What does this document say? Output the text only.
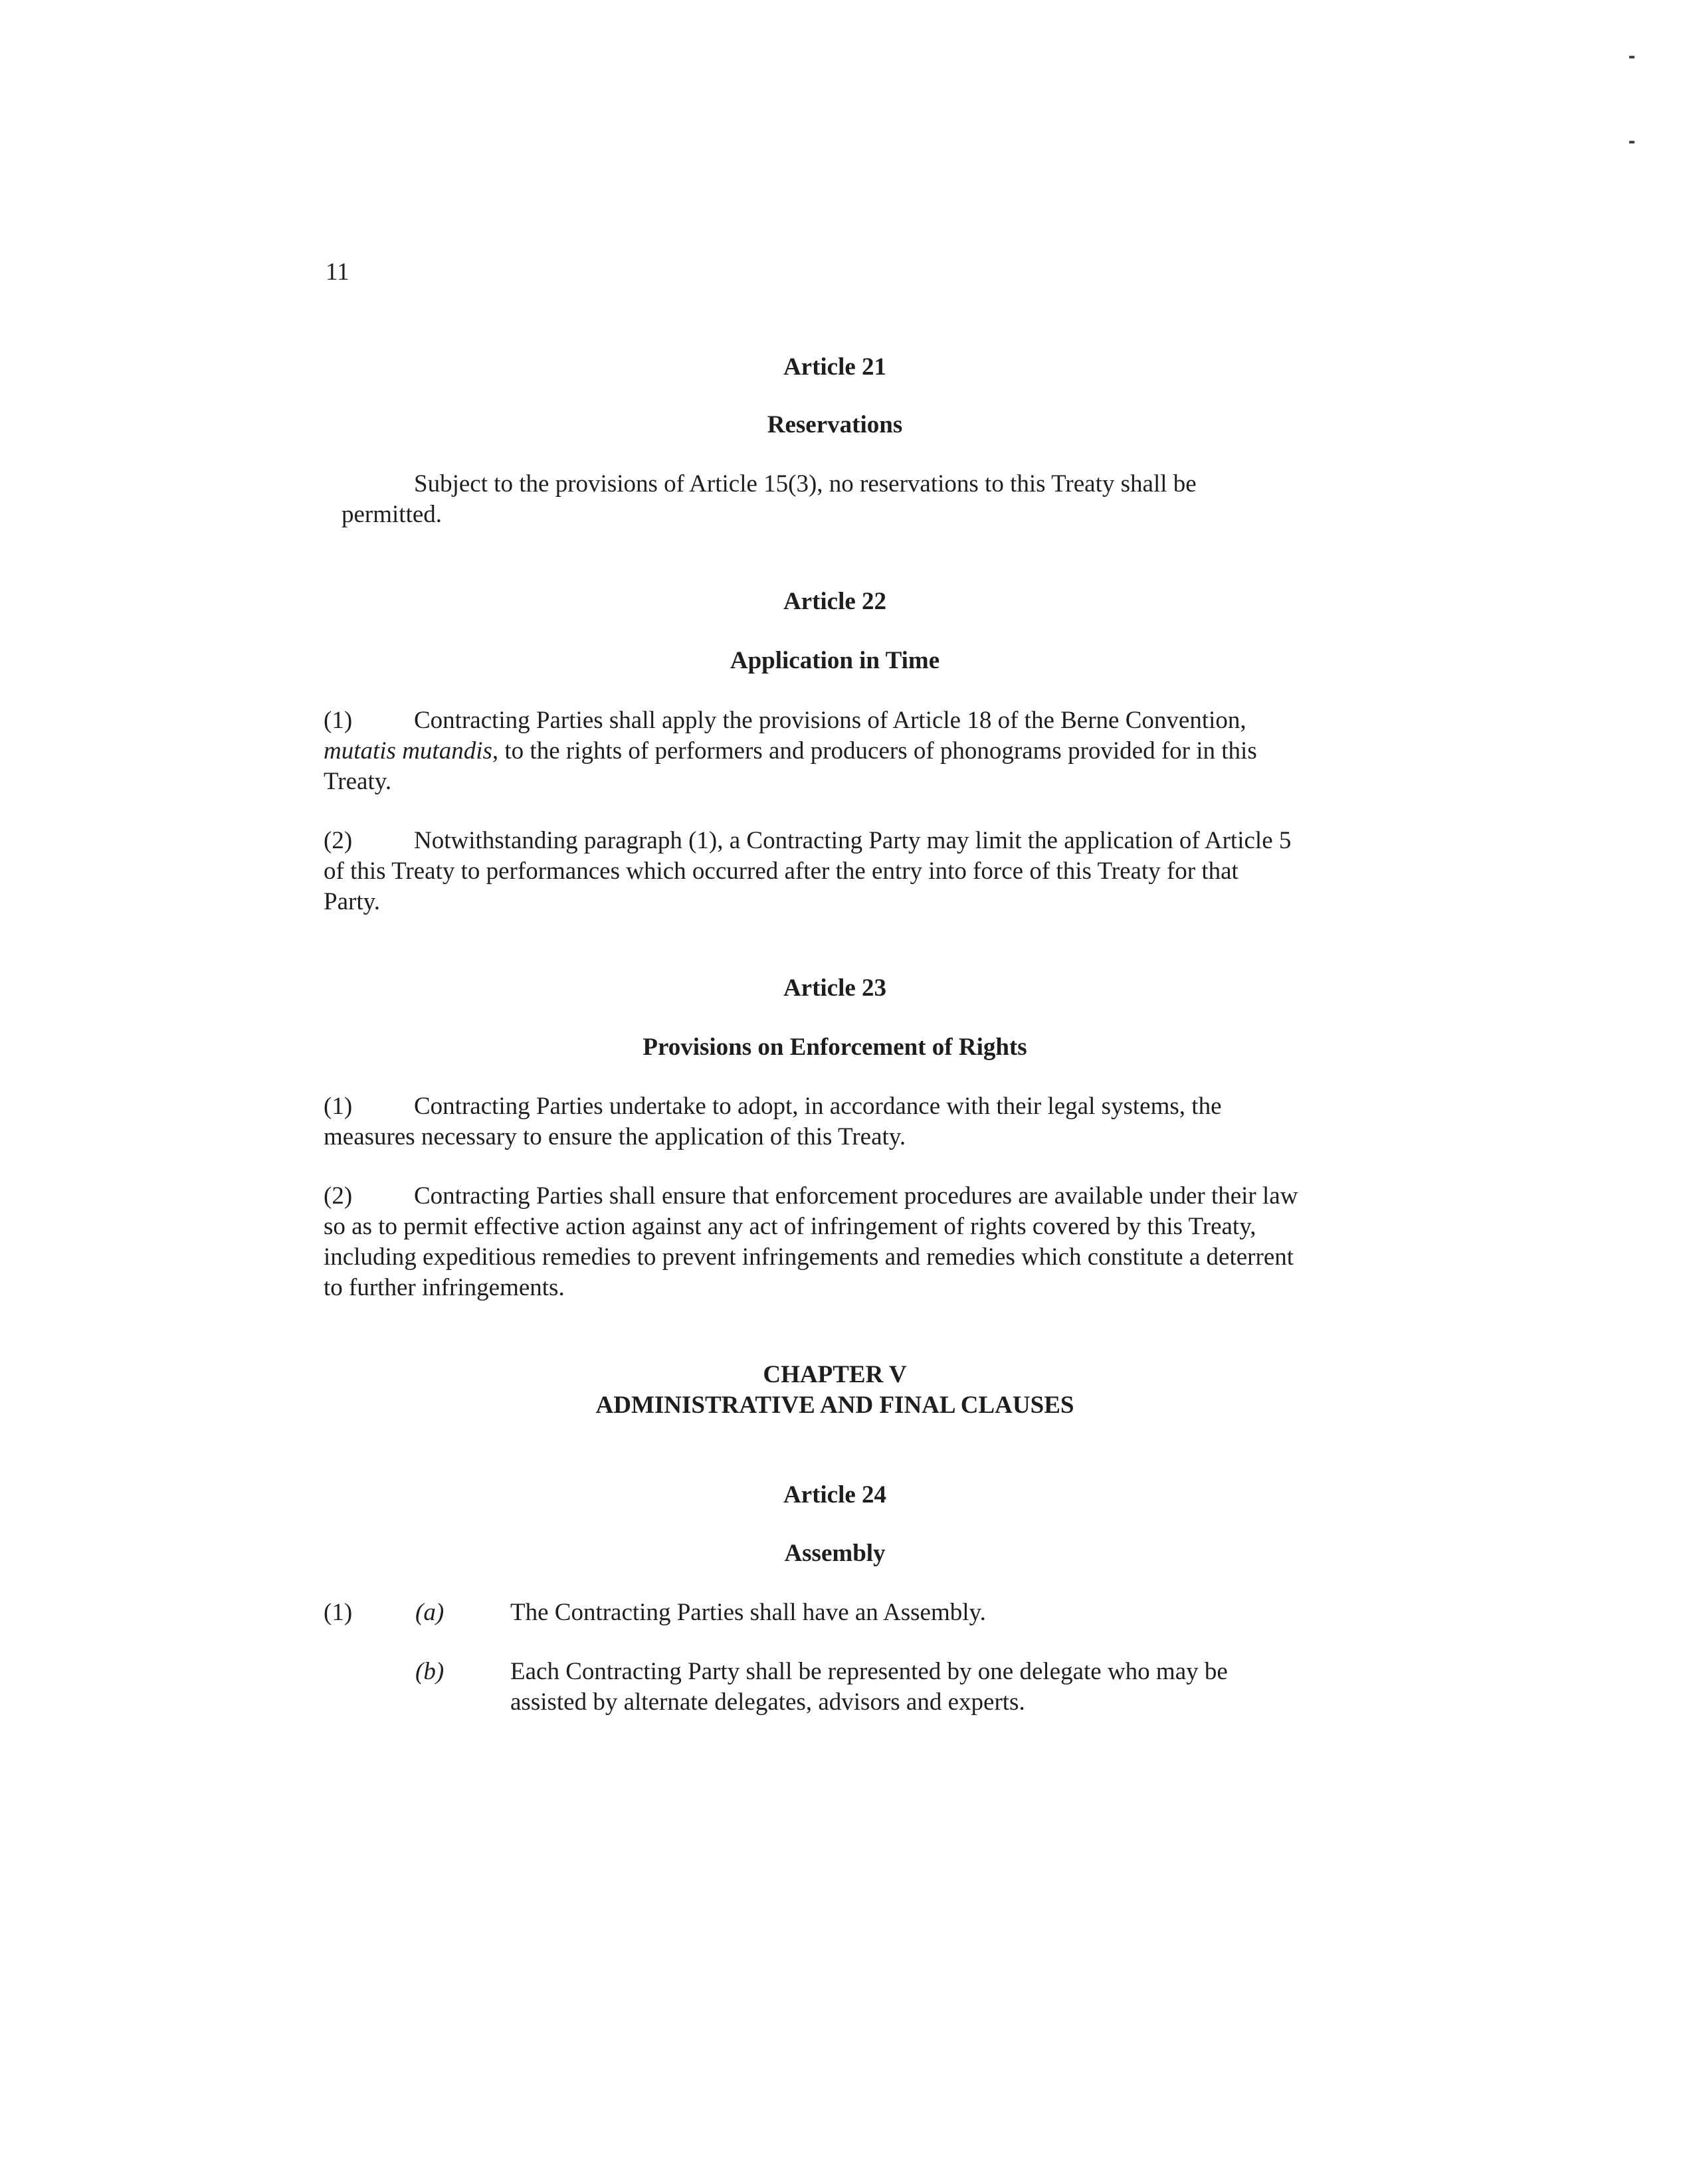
11
Article 21
Reservations
Subject to the provisions of Article 15(3), no reservations to this Treaty shall be
permitted.
Article 22
Application in Time
(1)	Contracting Parties shall apply the provisions of Article 18 of the Berne Convention,
mutatis mutandis, to the rights of performers and producers of phonograms provided for in this
Treaty.
(2)	Notwithstanding paragraph (1), a Contracting Party may limit the application of Article 5
of this Treaty to performances which occurred after the entry into force of this Treaty for that
Party.
Article 23
Provisions on Enforcement of Rights
(1)	Contracting Parties undertake to adopt, in accordance with their legal systems, the
measures necessary to ensure the application of this Treaty.
(2)	Contracting Parties shall ensure that enforcement procedures are available under their law
so as to permit effective action against any act of infringement of rights covered by this Treaty,
including expeditious remedies to prevent infringements and remedies which constitute a deterrent
to further infringements.
CHAPTER V
ADMINISTRATIVE AND FINAL CLAUSES
Article 24
Assembly
(1)	(a)	The Contracting Parties shall have an Assembly.
(b)	Each Contracting Party shall be represented by one delegate who may be
assisted by alternate delegates, advisors and experts.
